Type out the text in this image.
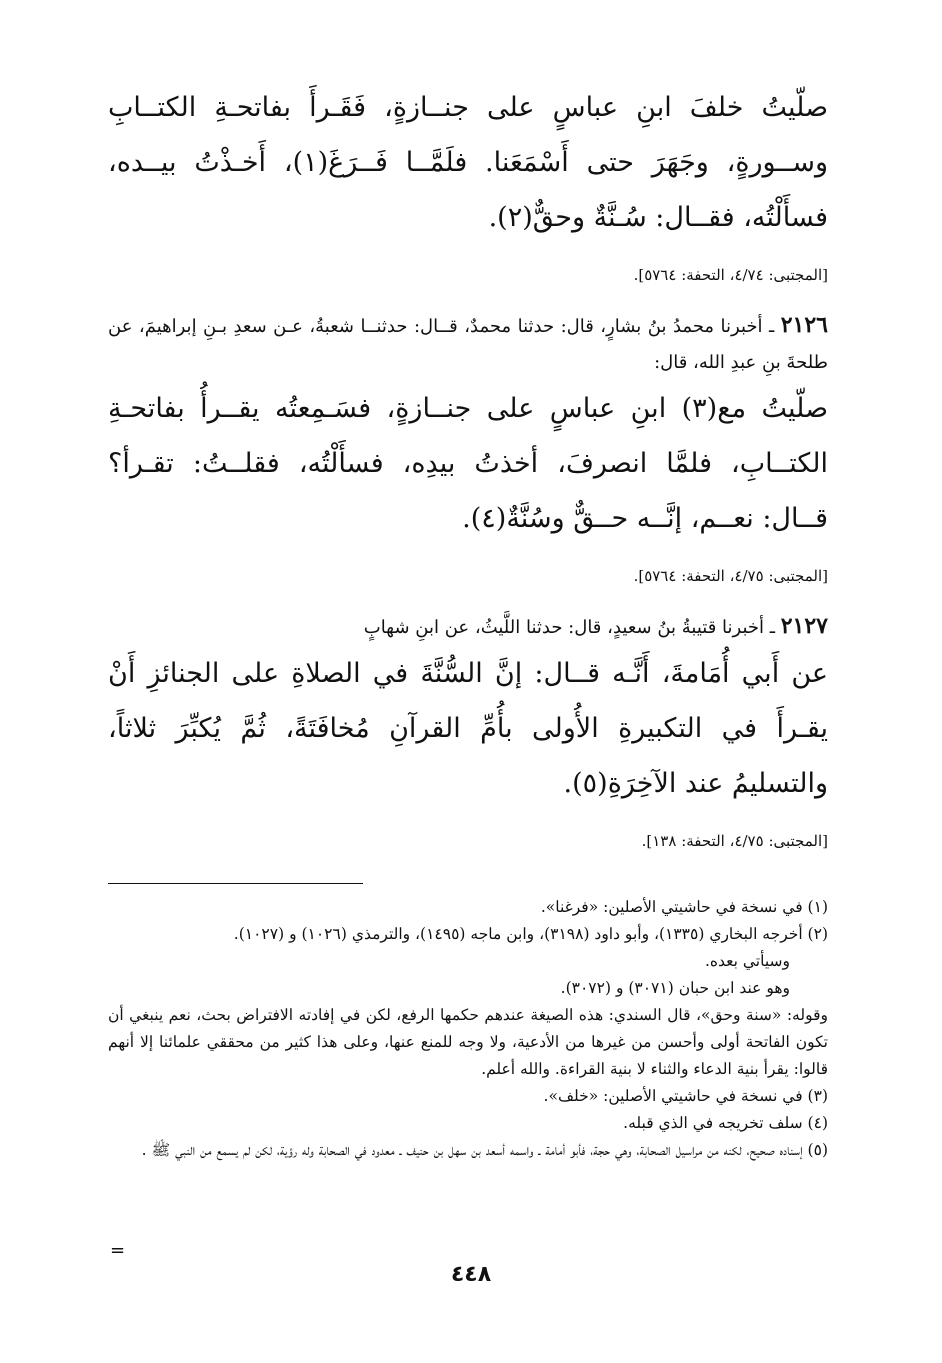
صلّيتُ خلفَ ابنِ عباسٍ على جنــازةٍ، فَقَـرأَ بفاتحـةِ الكتــابِ وســورةٍ، وجَهَرَ حتى أَسْمَعَنا. فلَمَّــا فَــرَغَ(١)، أَخـذْتُ بيــده، فسأَلْتُه، فقــال: سُـنَّةٌ وحقٌّ(٢).

[المجتبى: ٤/٧٤، التحفة: ٥٧٦٤].

٢١٢٦ ـ أخبرنا محمدُ بنُ بشارٍ، قال: حدثنا محمدٌ، قــال: حدثنــا شعبةُ، عـن سعدِ بـنِ إبراهيمَ، عن طلحةَ بنِ عبدِ الله، قال:

صلّيتُ مع(٣) ابنِ عباسٍ على جنــازةٍ، فسَـمِعتُه يقــرأُ بفاتحـةِ الكتــابِ، فلمَّا انصرفَ، أخذتُ بيدِه، فسأَلْتُه، فقلــتُ: تقـرأ؟ قــال: نعــم، إنَّــه حــقٌّ وسُنَّةٌ(٤).

[المجتبى: ٤/٧٥، التحفة: ٥٧٦٤].

٢١٢٧ ـ أخبرنا قتيبةُ بنُ سعيدٍ، قال: حدثنا اللَّيثُ، عن ابنِ شهابٍ

عن أَبي أُمَامةَ، أَنَّـه قــال: إنَّ السُّنَّةَ في الصلاةِ على الجنائزِ أَنْ يقـرأَ في التكبيرةِ الأُولى بأُمِّ القرآنِ مُخافَتَةً، ثُمَّ يُكبِّرَ ثلاثاً، والتسليمُ عند الآخِرَةِ(٥).

[المجتبى: ٤/٧٥، التحفة: ١٣٨].

(١) في نسخة في حاشيتي الأصلين: «فرغنا».

(٢) أخرجه البخاري (١٣٣٥)، وأبو داود (٣١٩٨)، وابن ماجه (١٤٩٥)، والترمذي (١٠٢٦) و (١٠٢٧).

وسيأتي بعده.

وهو عند ابن حبان (٣٠٧١) و (٣٠٧٢).

وقوله: «سنة وحق»، قال السندي: هذه الصيغة عندهم حكمها الرفع، لكن في إفادته الافتراض بحث، نعم ينبغي أن تكون الفاتحة أولى وأحسن من غيرها من الأدعية، ولا وجه للمنع عنها، وعلى هذا كثير من محققي علمائنا إلا أنهم قالوا: يقرأ بنية الدعاء والثناء لا بنية القراءة. والله أعلم.

(٣) في نسخة في حاشيتي الأصلين: «خلف».

(٤) سلف تخريجه في الذي قبله.

(٥) إسناده صحيح، لكنه من مراسيل الصحابة، وهي حجة، فأبو أمامة ـ واسمه أسعد بن سهل بن حنيف ـ معدود في الصحابة وله رؤية، لكن لم يسمع من النبي ﷺ .

=
٤٤٨
